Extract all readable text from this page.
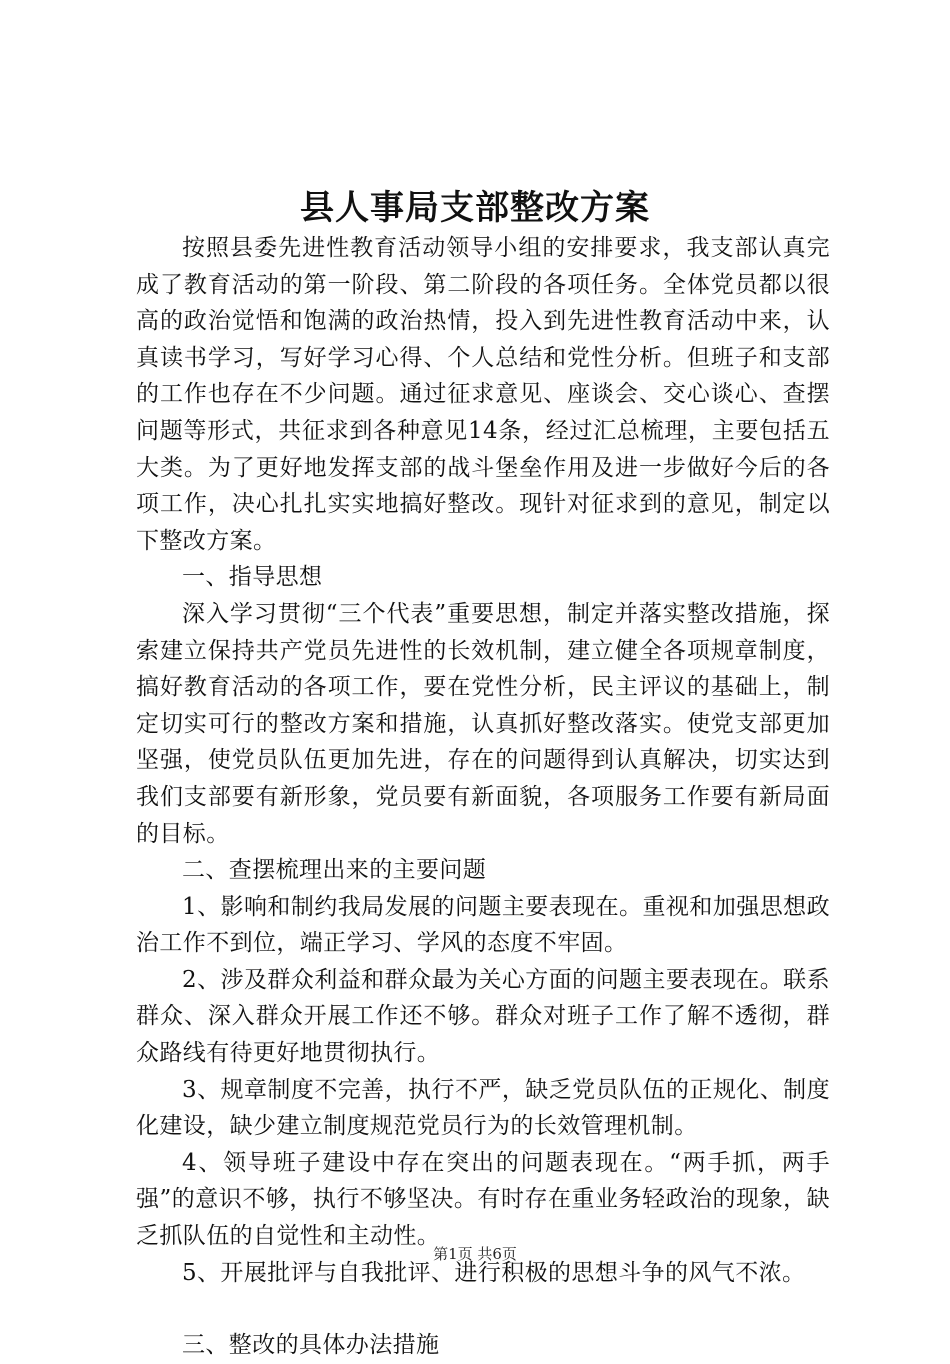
县人事局支部整改方案

按照县委先进性教育活动领导小组的安排要求，我支部认真完成了教育活动的第一阶段、第二阶段的各项任务。全体党员都以很高的政治觉悟和饱满的政治热情，投入到先进性教育活动中来，认真读书学习，写好学习心得、个人总结和党性分析。但班子和支部的工作也存在不少问题。通过征求意见、座谈会、交心谈心、查摆问题等形式，共征求到各种意见14条，经过汇总梳理，主要包括五大类。为了更好地发挥支部的战斗堡垒作用及进一步做好今后的各项工作，决心扎扎实实地搞好整改。现针对征求到的意见，制定以下整改方案。

一、指导思想

深入学习贯彻“三个代表”重要思想，制定并落实整改措施，探索建立保持共产党员先进性的长效机制，建立健全各项规章制度，搞好教育活动的各项工作，要在党性分析，民主评议的基础上，制定切实可行的整改方案和措施，认真抓好整改落实。使党支部更加坚强，使党员队伍更加先进，存在的问题得到认真解决，切实达到我们支部要有新形象，党员要有新面貌，各项服务工作要有新局面的目标。

二、查摆梳理出来的主要问题

1、影响和制约我局发展的问题主要表现在。重视和加强思想政治工作不到位，端正学习、学风的态度不牢固。

2、涉及群众利益和群众最为关心方面的问题主要表现在。联系群众、深入群众开展工作还不够。群众对班子工作了解不透彻，群众路线有待更好地贯彻执行。

3、规章制度不完善，执行不严，缺乏党员队伍的正规化、制度化建设，缺少建立制度规范党员行为的长效管理机制。

4、领导班子建设中存在突出的问题表现在。“两手抓，两手强”的意识不够，执行不够坚决。有时存在重业务轻政治的现象，缺乏抓队伍的自觉性和主动性。

5、开展批评与自我批评、进行积极的思想斗争的风气不浓。

三、整改的具体办法措施

第1页 共6页
